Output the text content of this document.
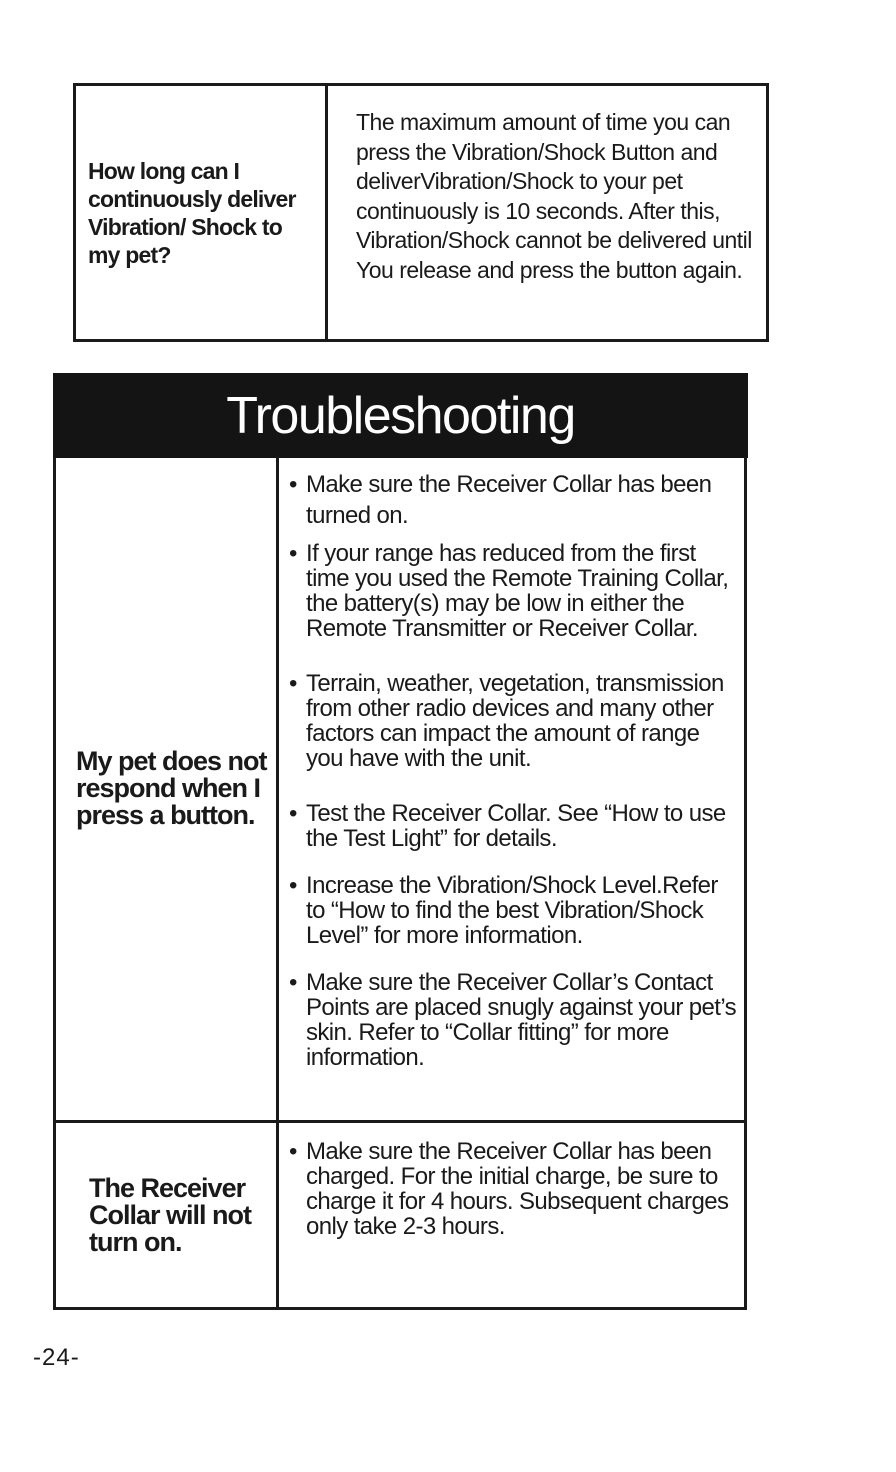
How long can I continuously deliver Vibration/ Shock to my pet?
The maximum amount of time you can press the Vibration/Shock Button and deliverVibration/Shock to your pet continuously is 10 seconds. After this, Vibration/Shock cannot be delivered until You release and press the button again.
Troubleshooting
My pet does not respond when I press a button.
• Make sure the Receiver Collar has been turned on.
• If your range has reduced from the first time you used the Remote Training Collar, the battery(s) may be low in either the Remote Transmitter or Receiver Collar.
• Terrain, weather, vegetation, transmission from other radio devices and many other factors can impact the amount of range you have with the unit.
• Test the Receiver Collar. See “How to use the Test Light” for details.
• Increase the Vibration/Shock Level.Refer to “How to find the best Vibration/Shock Level” for more information.
• Make sure the Receiver Collar’s Contact Points are placed snugly against your pet’s skin. Refer to “Collar fitting” for more information.
The Receiver Collar will not turn on.
• Make sure the Receiver Collar has been charged. For the initial charge, be sure to charge it for 4 hours. Subsequent charges only take 2-3 hours.
-24-
